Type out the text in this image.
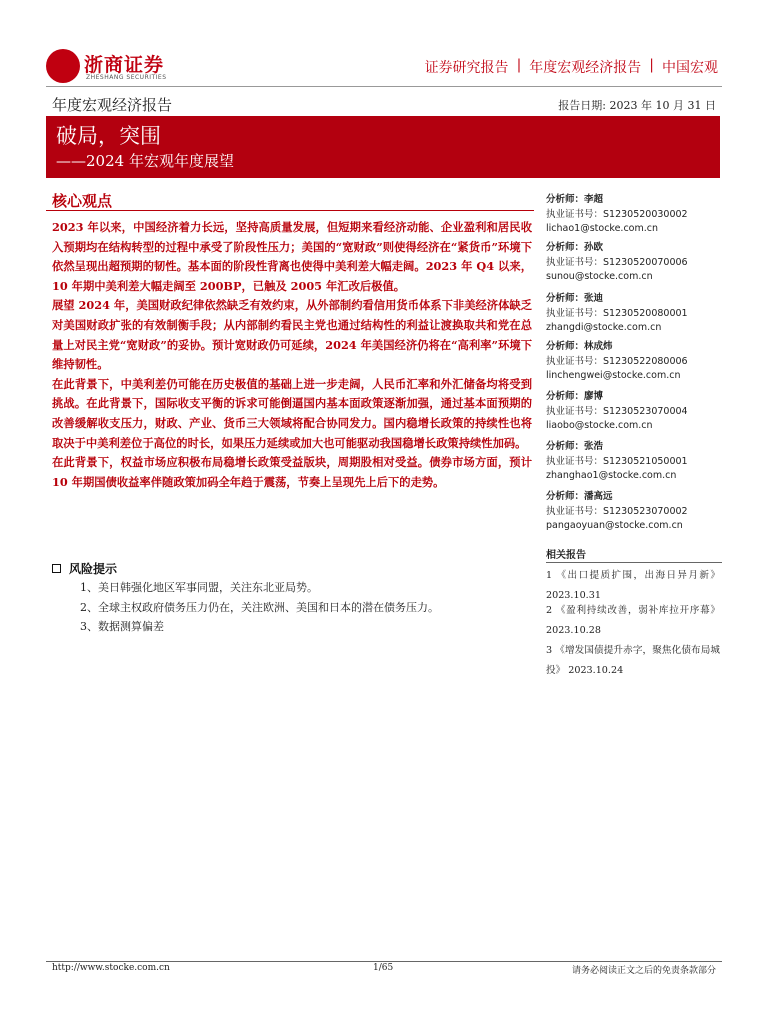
浙商证券
ZHESHANG SECURITIES
证券研究报告 | 年度宏观经济报告 | 中国宏观
年度宏观经济报告	报告日期: 2023 年 10 月 31 日
破局，突围
——2024 年宏观年度展望
核心观点

2023 年以来，中国经济着力长远，坚持高质量发展，但短期来看经济动能、企业盈利和居民收入预期均在结构转型的过程中承受了阶段性压力；美国的“宽财政”则使得经济在“紧货币”环境下依然呈现出超预期的韧性。基本面的阶段性背离也使得中美利差大幅走阔。2023 年 Q4 以来，10 年期中美利差大幅走阔至 200BP，已触及 2005 年汇改后极值。

展望 2024 年，美国财政纪律依然缺乏有效约束，从外部制约看信用货币体系下非美经济体缺乏对美国财政扩张的有效制衡手段；从内部制约看民主党也通过结构性的利益让渡换取共和党在总量上对民主党“宽财政”的妥协。预计宽财政仍可延续，2024 年美国经济仍将在“高利率”环境下维持韧性。

在此背景下，中美利差仍可能在历史极值的基础上进一步走阔，人民币汇率和外汇储备均将受到挑战。在此背景下，国际收支平衡的诉求可能倒逼国内基本面政策逐渐加强，通过基本面预期的改善缓解收支压力，财政、产业、货币三大领域将配合协同发力。国内稳增长政策的持续性也将取决于中美利差位于高位的时长，如果压力延续或加大也可能驱动我国稳增长政策持续性加码。

在此背景下，权益市场应积极布局稳增长政策受益版块，周期股相对受益。债券市场方面，预计 10 年期国债收益率伴随政策加码全年趋于震荡，节奏上呈现先上后下的走势。

风险提示
1、美日韩强化地区军事同盟，关注东北亚局势。
2、全球主权政府债务压力仍在，关注欧洲、美国和日本的潜在债务压力。
3、数据测算偏差
分析师：李超
执业证书号：S1230520030002
lichao1@stocke.com.cn
分析师：孙欧
执业证书号：S1230520070006
sunou@stocke.com.cn
分析师：张迪
执业证书号：S1230520080001
zhangdi@stocke.com.cn
分析师：林成炜
执业证书号：S1230522080006
linchengwei@stocke.com.cn
分析师：廖博
执业证书号：S1230523070004
liaobo@stocke.com.cn
分析师：张浩
执业证书号：S1230521050001
zhanghao1@stocke.com.cn
分析师：潘高远
执业证书号：S1230523070002
pangaoyuan@stocke.com.cn
相关报告
1 《出口提质扩围，出海日异月新》 2023.10.31
2 《盈利持续改善，弱补库拉开序幕》 2023.10.28
3 《增发国债提升赤字，聚焦化债布局城投》 2023.10.24
http://www.stocke.com.cn	1/65	请务必阅读正文之后的免责条款部分
